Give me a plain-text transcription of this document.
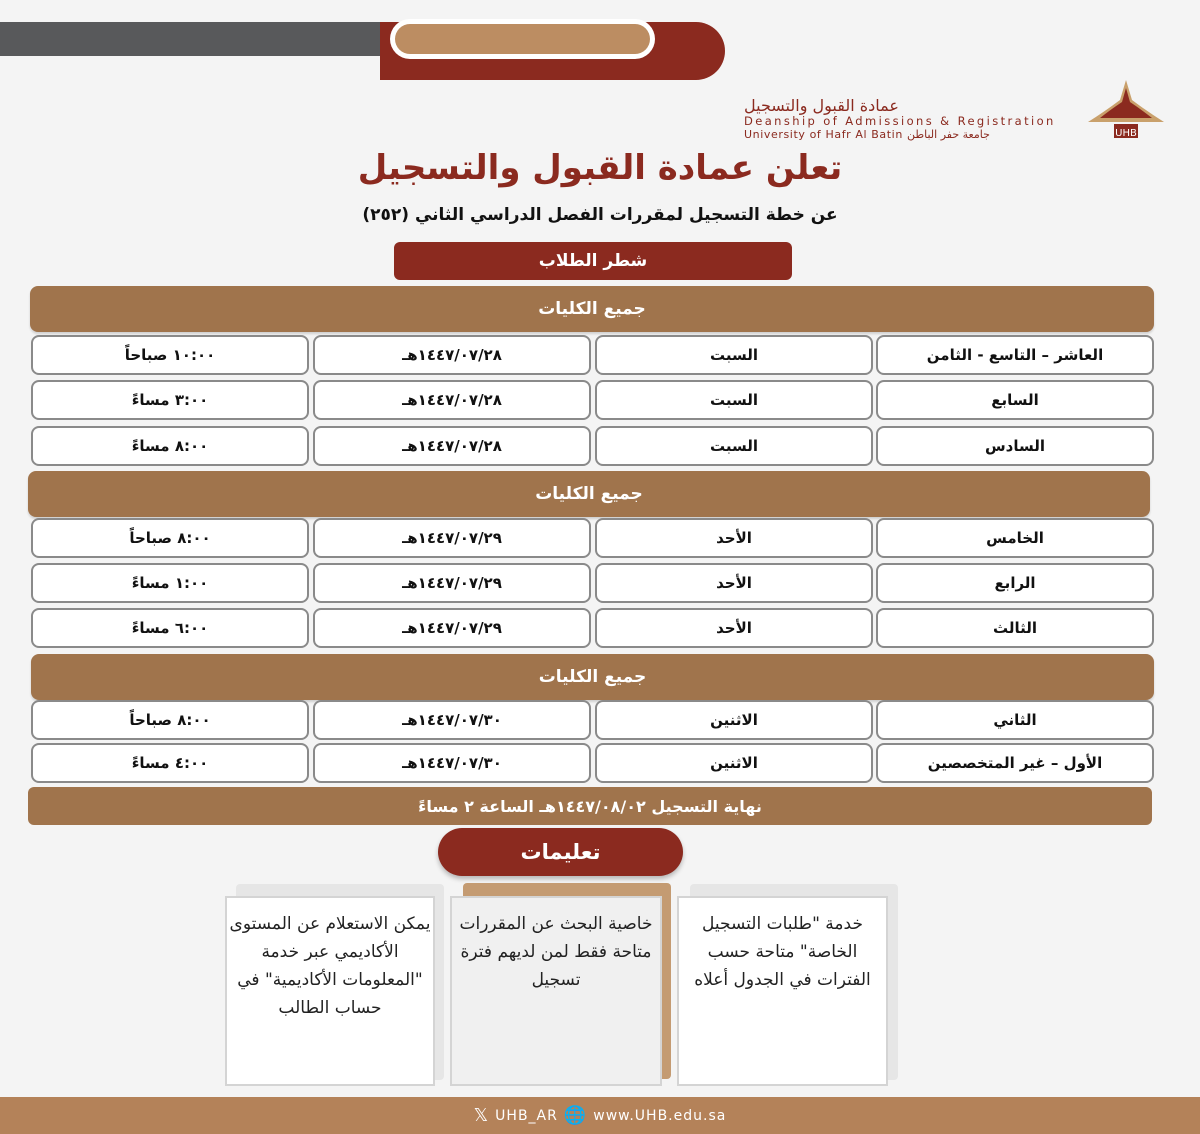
عمادة القبول والتسجيل
Deanship of Admissions & Registration
University of Hafr Al Batin جامعة حفر الباطن	UHB
تعلن عمادة القبول والتسجيل
عن خطة التسجيل لمقررات الفصل الدراسي الثاني (٢٥٢)
شطر الطلاب
جميع الكليات
العاشر – التاسع - الثامن
السبت
١٤٤٧/٠٧/٢٨هـ
١٠:٠٠ صباحاً
السابع
السبت
١٤٤٧/٠٧/٢٨هـ
٣:٠٠ مساءً
السادس
السبت
١٤٤٧/٠٧/٢٨هـ
٨:٠٠ مساءً
جميع الكليات
الخامس
الأحد
١٤٤٧/٠٧/٢٩هـ
٨:٠٠ صباحاً
الرابع
الأحد
١٤٤٧/٠٧/٢٩هـ
١:٠٠ مساءً
الثالث
الأحد
١٤٤٧/٠٧/٢٩هـ
٦:٠٠ مساءً
جميع الكليات
الثاني
الاثنين
١٤٤٧/٠٧/٣٠هـ
٨:٠٠ صباحاً
الأول – غير المتخصصين
الاثنين
١٤٤٧/٠٧/٣٠هـ
٤:٠٠ مساءً
نهاية التسجيل ١٤٤٧/٠٨/٠٢هـ الساعة ٢ مساءً
تعليمات
يمكن الاستعلام عن المستوى الأكاديمي عبر خدمة "المعلومات الأكاديمية" في حساب الطالب
خاصية البحث عن المقررات متاحة فقط لمن لديهم فترة تسجيل
خدمة "طلبات التسجيل الخاصة" متاحة حسب الفترات في الجدول أعلاه
𝕏 UHB_AR 🌐 www.UHB.edu.sa
